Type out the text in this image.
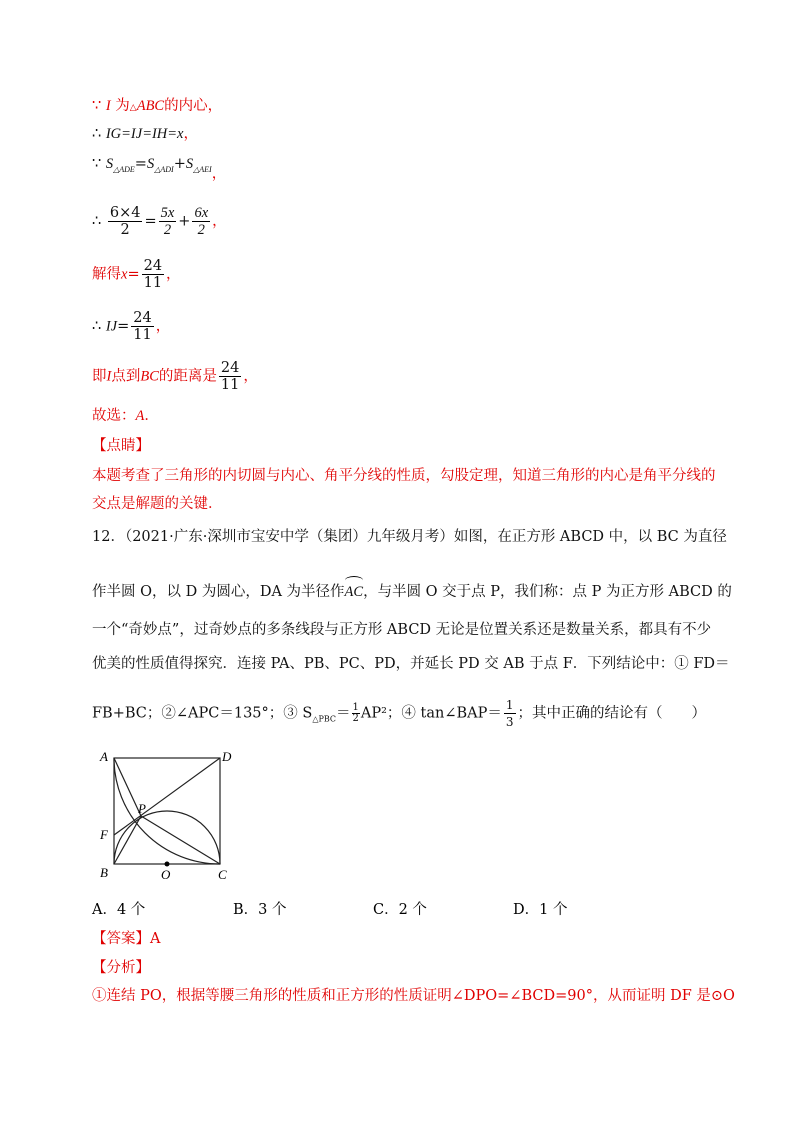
∵ I 为△ABC的内心，
∴ IG=IJ=IH=x，
∵ $S_{\triangle ADE}=S_{\triangle ADI}+S_{\triangle AEI}$，
∴ $\frac{6\times 4}{2} = \frac{5x}{2} + \frac{6x}{2}$ ，
解得$x= \frac{24}{11}$ ，
∴ $IJ= \frac{24}{11}$ ，
即I点到BC的距离是 $\frac{24}{11}$ ，
故选：A．
【点睛】
本题考查了三角形的内切圆与内心、角平分线的性质，勾股定理，知道三角形的内心是角平分线的
交点是解题的关键．
12．（2021·广东·深圳市宝安中学（集团）九年级月考）如图，在正方形 ABCD 中，以 BC 为直径
作半圆 O，以 D 为圆心，DA 为半径作AC，与半圆 O 交于点 P，我们称：点 P 为正方形 ABCD 的
一个“奇妙点”，过奇妙点的多条线段与正方形 ABCD 无论是位置关系还是数量关系，都具有不少
优美的性质值得探究．连接 PA、PB、PC、PD，并延长 PD 交 AB 于点 F．下列结论中：① FD＝
FB+BC；②∠APC＝135°；③ $S_{\triangle PBC}= \frac{1}{2} AP^2$；④ tan∠BAP＝ $\frac{1}{3}$ ；其中正确的结论有（　　）
A	D
F
B	C
P
O
A．4 个	B．3 个	C．2 个	D．1 个
【答案】A
【分析】
①连结 PO，根据等腰三角形的性质和正方形的性质证明∠DPO=∠BCD=90°，从而证明 DF 是⊙O
